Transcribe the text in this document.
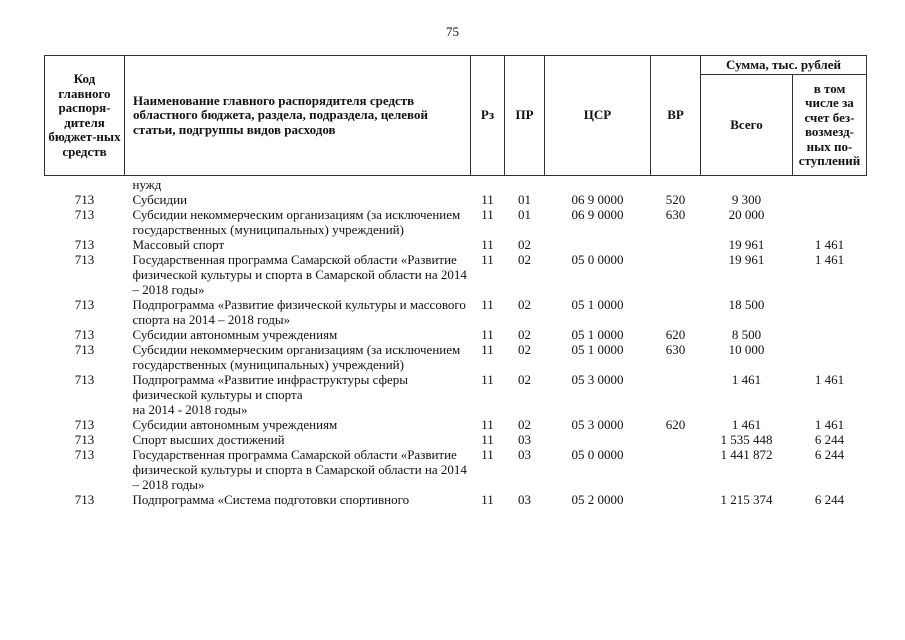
75
Код главного распоря-дителя бюджет-ных средств	Наименование главного распорядителя средств областного бюджета, раздела, подраздела, целевой статьи, подгруппы видов расходов	Рз	ПР	ЦСР	ВР	Сумма, тыс. рублей	
						Всего	в том числе за счет без-возмезд-ных по-ступлений
	нужд						
713	Субсидии	11	01	06 9 0000	520	9 300	
713	Субсидии некоммерческим организациям (за исключением государственных (муниципальных) учреждений)	11	01	06 9 0000	630	20 000	
713	Массовый спорт	11	02			19 961	1 461
713	Государственная программа Самарской области «Развитие физической культуры и спорта в Самарской области на 2014 – 2018 годы»	11	02	05 0 0000		19 961	1 461
713	Подпрограмма «Развитие физической культуры и массового спорта на 2014 – 2018 годы»	11	02	05 1 0000		18 500	
713	Субсидии автономным учреждениям	11	02	05 1 0000	620	8 500	
713	Субсидии некоммерческим организациям (за исключением государственных (муниципальных) учреждений)	11	02	05 1 0000	630	10 000	
713	Подпрограмма «Развитие инфраструктуры сферы физической культуры и спорта
на 2014 - 2018 годы»	11	02	05 3 0000		1 461	1 461
713	Субсидии автономным учреждениям	11	02	05 3 0000	620	1 461	1 461
713	Спорт высших достижений	11	03			1 535 448	6 244
713	Государственная программа Самарской области «Развитие физической культуры и спорта в Самарской области на 2014 – 2018 годы»	11	03	05 0 0000		1 441 872	6 244
713	Подпрограмма «Система подготовки спортивного	11	03	05 2 0000		1 215 374	6 244
